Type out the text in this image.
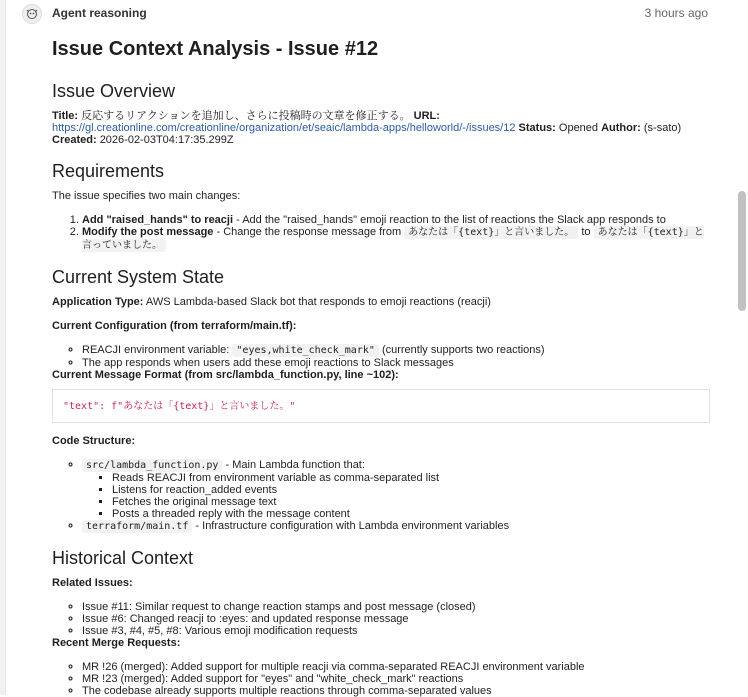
Agent reasoning	3 hours ago
Issue Context Analysis - Issue #12
Issue Overview

Title: 反応するリアクションを追加し、さらに投稿時の文章を修正する。 URL: https://gl.creationline.com/creationline/organization/et/seaic/lambda-apps/helloworld/-/issues/12 Status: Opened Author: (s-sato) Created: 2026-02-03T04:17:35.299Z

Requirements

The issue specifies two main changes:

1. Add "raised_hands" to reacji - Add the "raised_hands" emoji reaction to the list of reactions the Slack app responds to
2. Modify the post message - Change the response message from あなたは「{text}」と言いました。 to あなたは「{text}」と言っていました。
Current System State

Application Type: AWS Lambda-based Slack bot that responds to emoji reactions (reacji)

Current Configuration (from terraform/main.tf):

◦ REACJI environment variable: "eyes,white_check_mark" (currently supports two reactions)
◦ The app responds when users add these emoji reactions to Slack messages

Current Message Format (from src/lambda_function.py, line ~102):

"text": f"あなたは「{text}」と言いました。"

Code Structure:

◦ src/lambda_function.py - Main Lambda function that:
▪ Reads REACJI from environment variable as comma-separated list
▪ Listens for reaction_added events
▪ Fetches the original message text
▪ Posts a threaded reply with the message content
◦ terraform/main.tf - Infrastructure configuration with Lambda environment variables
Historical Context

Related Issues:

◦ Issue #11: Similar request to change reaction stamps and post message (closed)
◦ Issue #6: Changed reacji to :eyes: and updated response message
◦ Issue #3, #4, #5, #8: Various emoji modification requests

Recent Merge Requests:

◦ MR !26 (merged): Added support for multiple reacji via comma-separated REACJI environment variable
◦ MR !23 (merged): Added support for "eyes" and "white_check_mark" reactions
◦ The codebase already supports multiple reactions through comma-separated values
